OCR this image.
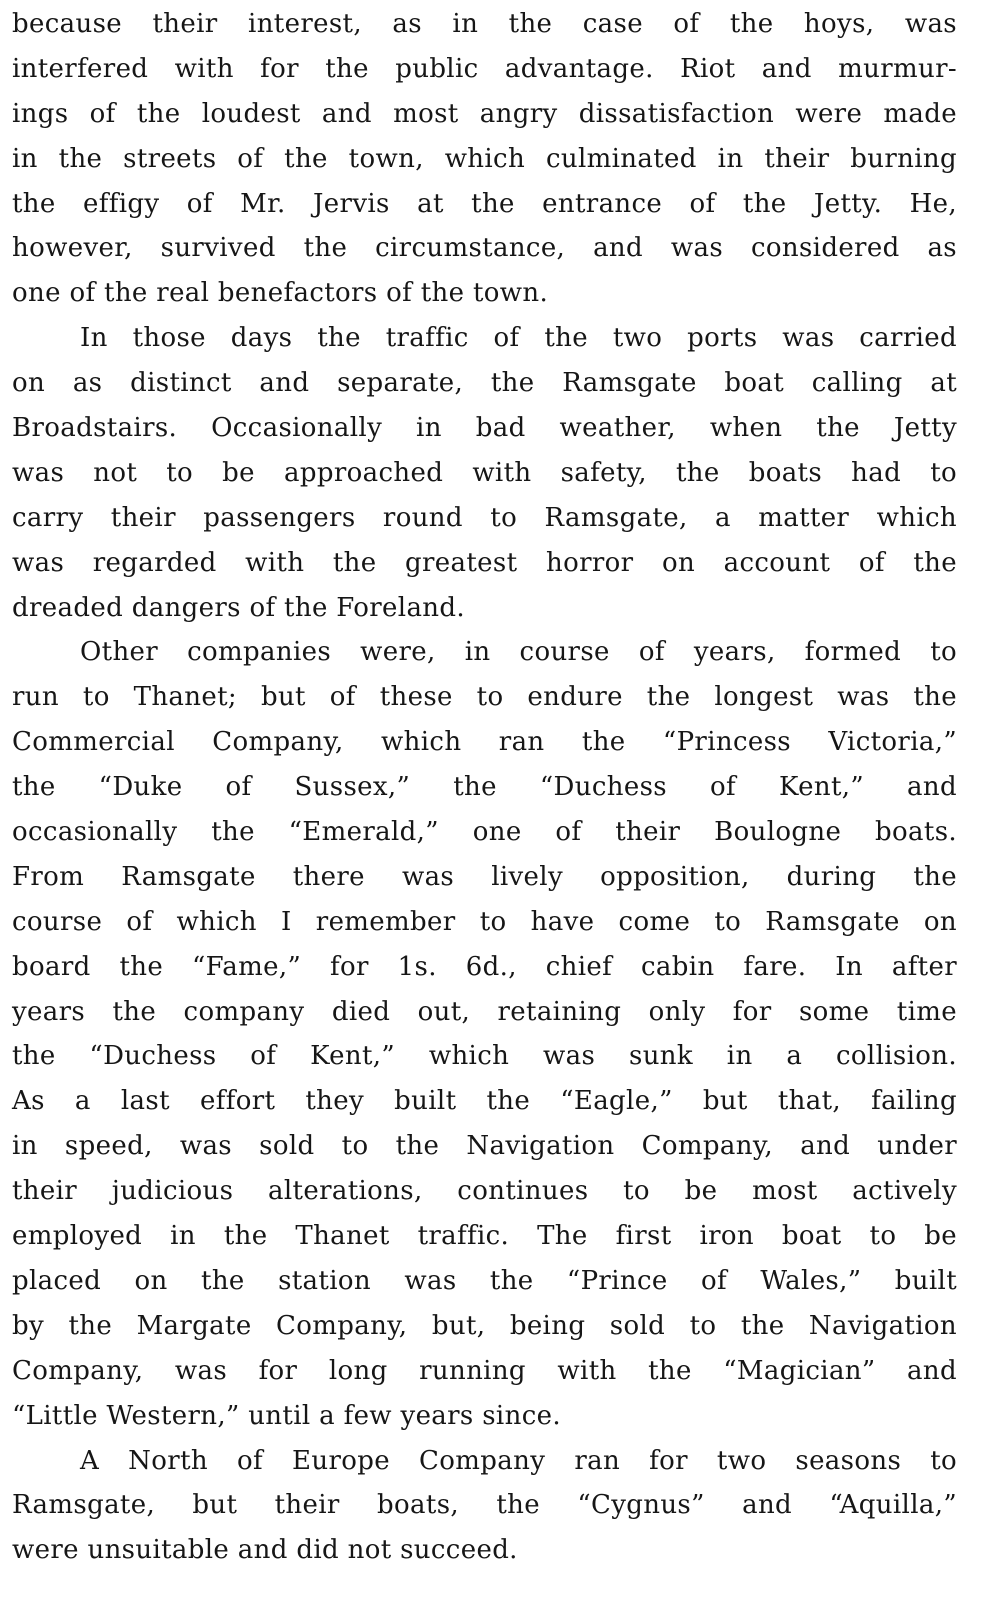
because their interest, as in the case of the hoys, was
interfered with for the public advantage. Riot and murmur-
ings of the loudest and most angry dissatisfaction were made
in the streets of the town, which culminated in their burning
the effigy of Mr. Jervis at the entrance of the Jetty. He,
however, survived the circumstance, and was considered as
one of the real benefactors of the town.
In those days the traffic of the two ports was carried
on as distinct and separate, the Ramsgate boat calling at
Broadstairs. Occasionally in bad weather, when the Jetty
was not to be approached with safety, the boats had to
carry their passengers round to Ramsgate, a matter which
was regarded with the greatest horror on account of the
dreaded dangers of the Foreland.
Other companies were, in course of years, formed to
run to Thanet; but of these to endure the longest was the
Commercial Company, which ran the “Princess Victoria,”
the “Duke of Sussex,” the “Duchess of Kent,” and
occasionally the “Emerald,” one of their Boulogne boats.
From Ramsgate there was lively opposition, during the
course of which I remember to have come to Ramsgate on
board the “Fame,” for 1s. 6d., chief cabin fare. In after
years the company died out, retaining only for some time
the “Duchess of Kent,” which was sunk in a collision.
As a last effort they built the “Eagle,” but that, failing
in speed, was sold to the Navigation Company, and under
their judicious alterations, continues to be most actively
employed in the Thanet traffic. The first iron boat to be
placed on the station was the “Prince of Wales,” built
by the Margate Company, but, being sold to the Navigation
Company, was for long running with the “Magician” and
“Little Western,” until a few years since.
A North of Europe Company ran for two seasons to
Ramsgate, but their boats, the “Cygnus” and “Aquilla,”
were unsuitable and did not succeed.
